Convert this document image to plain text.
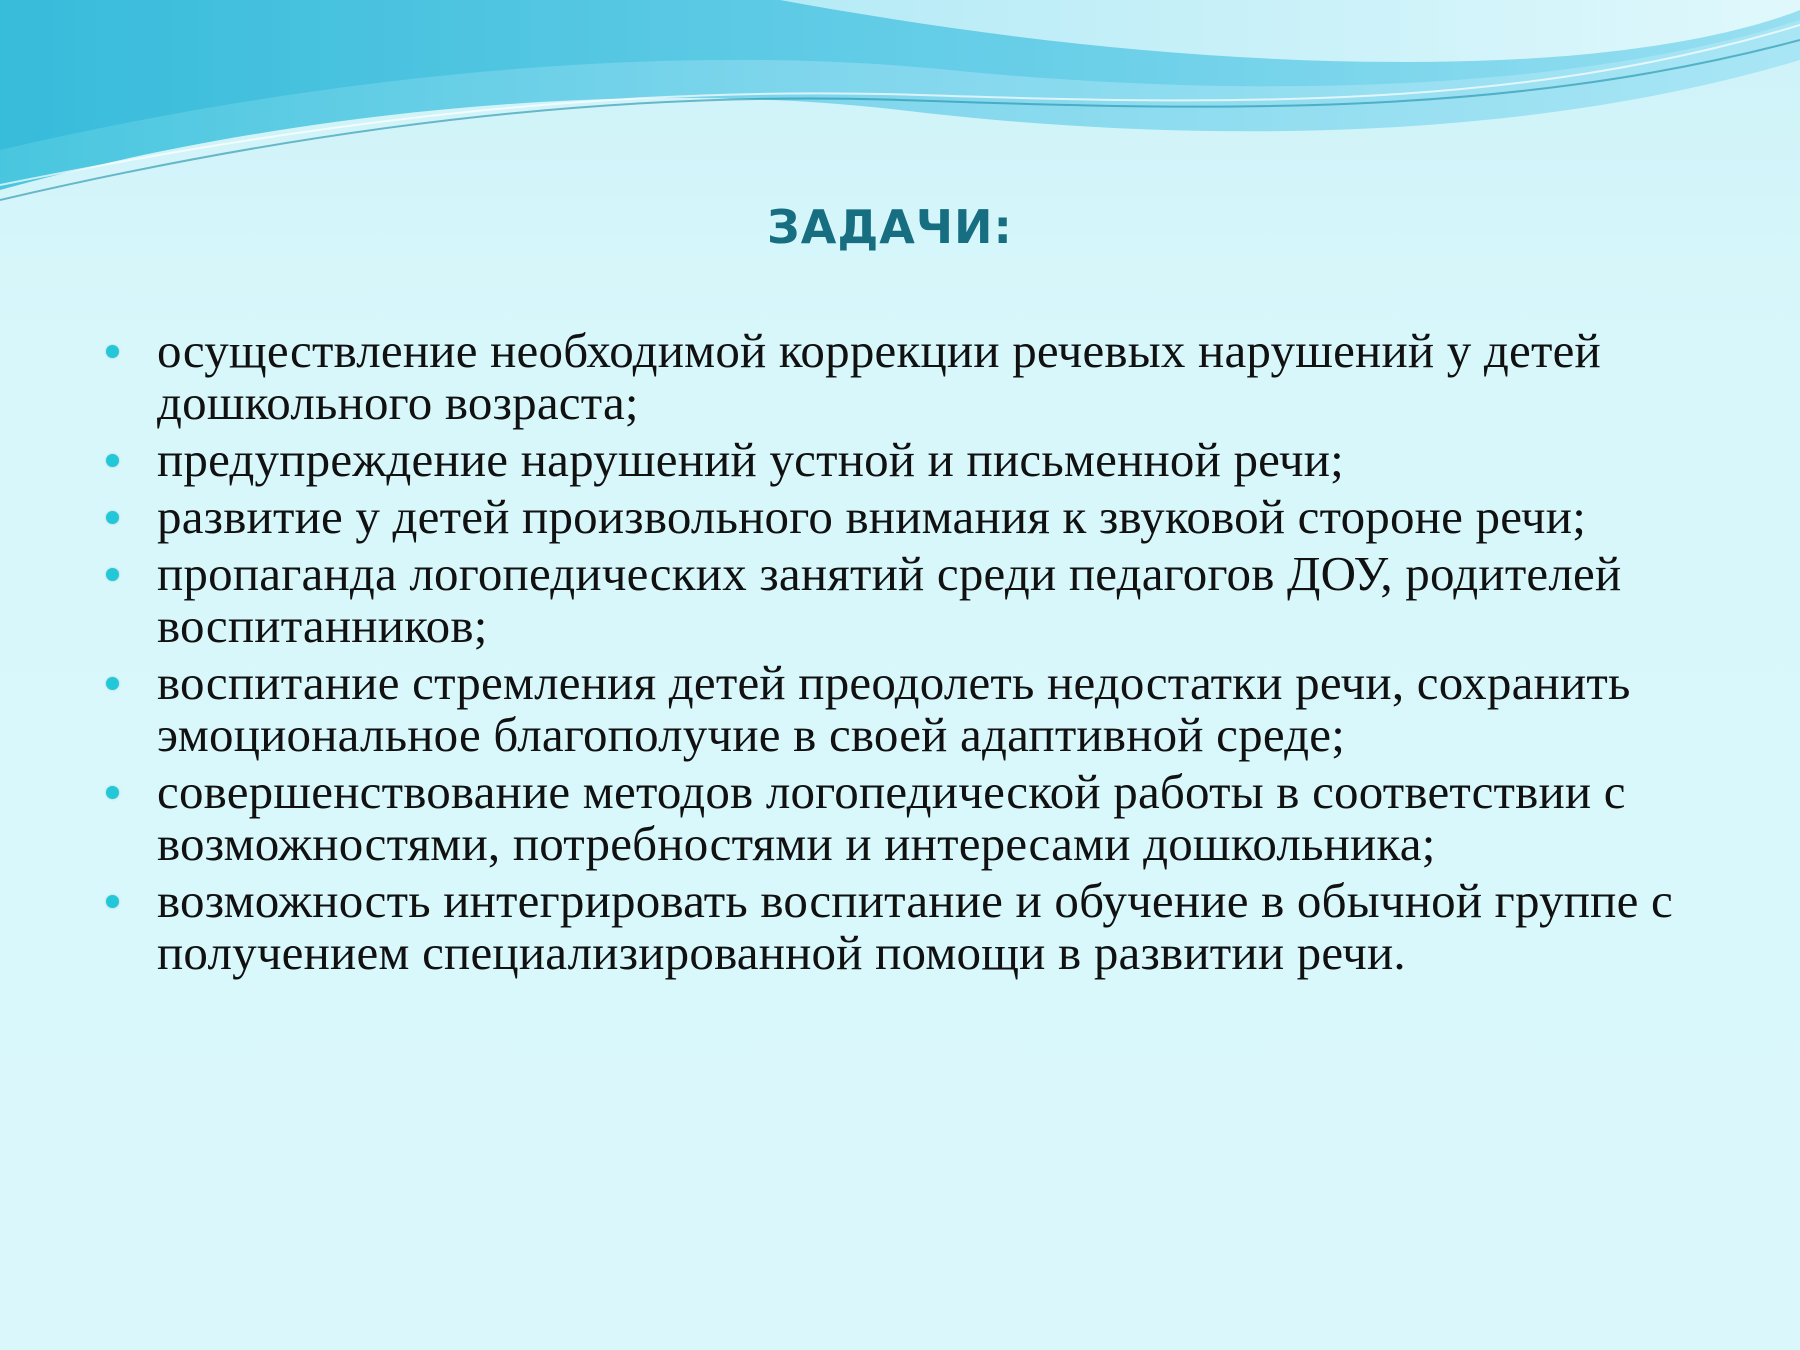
ЗАДАЧИ:
осуществление необходимой коррекции речевых нарушений у детей дошкольного возраста;
предупреждение нарушений устной и письменной речи;
развитие у детей произвольного внимания к звуковой стороне речи;
пропаганда логопедических занятий среди педагогов ДОУ, родителей воспитанников;
воспитание стремления детей преодолеть недостатки речи, сохранить эмоциональное благополучие в своей адаптивной среде;
совершенствование методов логопедической работы в соответствии с возможностями, потребностями и интересами дошкольника;
возможность интегрировать воспитание и обучение в обычной группе с получением специализированной помощи в развитии речи.
